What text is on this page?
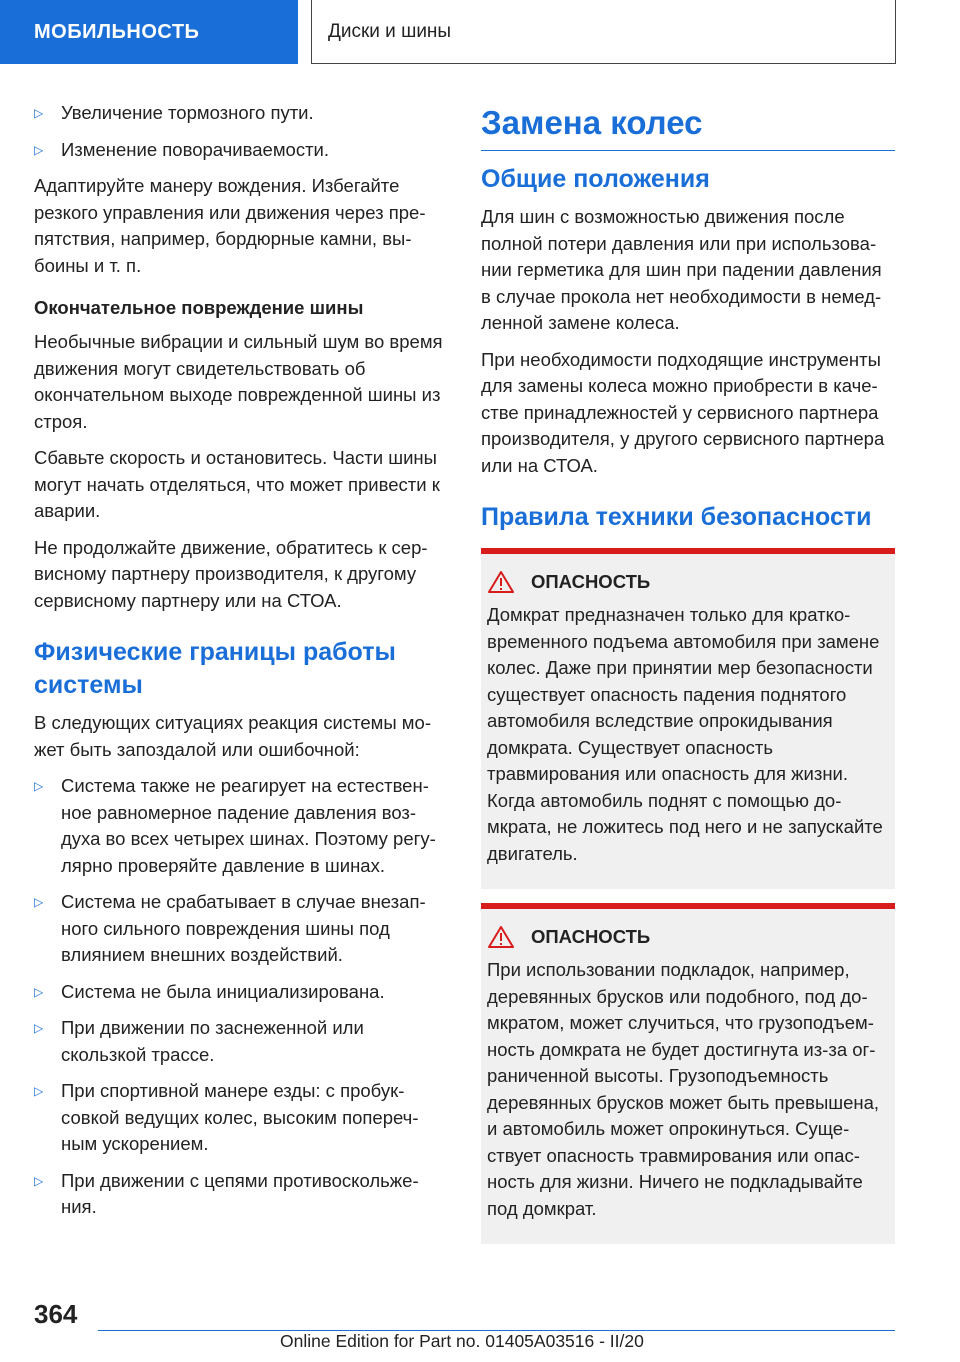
МОБИЛЬНОСТЬ	Диски и шины
▷ Увеличение тормозного пути.
▷ Изменение поворачиваемости.

Адаптируйте манеру вождения. Избегайте резкого управления или движения через препятствия, например, бордюрные камни, выбоины и т. п.

Окончательное повреждение шины

Необычные вибрации и сильный шум во время движения могут свидетельствовать об окончательном выходе поврежденной шины из строя.

Сбавьте скорость и остановитесь. Части шины могут начать отделяться, что может привести к аварии.

Не продолжайте движение, обратитесь к сервисному партнеру производителя, к другому сервисному партнеру или на СТОА.

Физические границы работы системы

В следующих ситуациях реакция системы может быть запоздалой или ошибочной:

▷ Система также не реагирует на естественное равномерное падение давления воздуха во всех четырех шинах. Поэтому регулярно проверяйте давление в шинах.
▷ Система не срабатывает в случае внезапного сильного повреждения шины под влиянием внешних воздействий.
▷ Система не была инициализирована.
▷ При движении по заснеженной или скользкой трассе.
▷ При спортивной манере езды: с пробуксовкой ведущих колес, высоким поперечным ускорением.
▷ При движении с цепями противоскольжения.
Замена колес
Общие положения

Для шин с возможностью движения после полной потери давления или при использовании герметика для шин при падении давления в случае прокола нет необходимости в немедленной замене колеса.

При необходимости подходящие инструменты для замены колеса можно приобрести в качестве принадлежностей у сервисного партнера производителя, у другого сервисного партнера или на СТОА.

Правила техники безопасности
ОПАСНОСТЬ

Домкрат предназначен только для кратковременного подъема автомобиля при замене колес. Даже при принятии мер безопасности существует опасность падения поднятого автомобиля вследствие опрокидывания домкрата. Существует опасность травмирования или опасность для жизни. Когда автомобиль поднят с помощью домкрата, не ложитесь под него и не запускайте двигатель.

ОПАСНОСТЬ

При использовании подкладок, например, деревянных брусков или подобного, под домкратом, может случиться, что грузоподъемность домкрата не будет достигнута из-за ограниченной высоты. Грузоподъемность деревянных брусков может быть превышена, и автомобиль может опрокинуться. Существует опасность травмирования или опасность для жизни. Ничего не подкладывайте под домкрат.

364
Online Edition for Part no. 01405A03516 - II/20
